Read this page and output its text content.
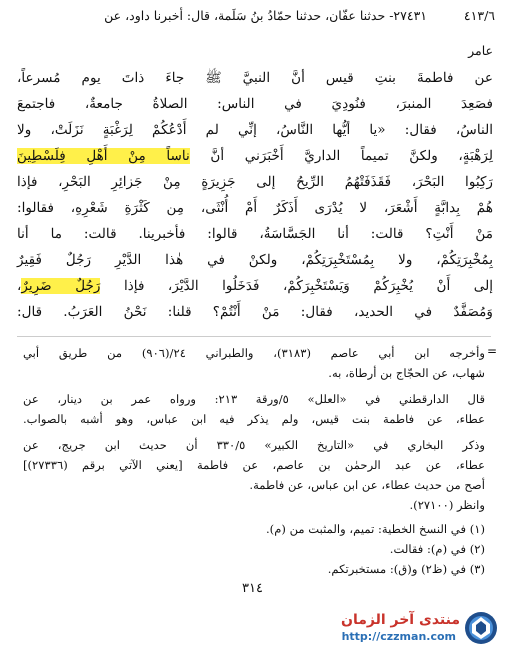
٤١٣/٦
٢٧٤٣١- حدثنا عفّان، حدثنا حمّادُ بنُ سَلَمة، قال: أخبرنا داود، عن
عامر
عن فاطمةَ بنتِ قيس أنَّ النبيَّ ﷺ جاءَ ذاتَ يوم مُسرعاً،
فصَعِدَ المنبرَ، فنُودِيَ في الناس: الصلاةُ جامعةٌ، فاجتمعَ
الناسُ، فقال: «يا أيُّها النَّاسُ، إنِّي لم أَدْعُكُمْ لِرَغْبَةٍ نَزَلَتْ، ولا
لِرَهْبَةٍ، ولكنَّ تميماً الداريَّ أَخْبَرَني أنَّ ناساً مِنْ أَهْلِ فِلَسْطِينَ
رَكِبُوا البَحْرَ، فَقَذَفَتْهُمُ الرِّيحُ إلى جَزِيرَةٍ مِنْ جَزائِرِ البَحْرِ، فإذا
هُمْ بِدابَّةٍ أَشْعَرَ، لا يُدْرَى أَذَكَرٌ أَمْ أُنْثَى، مِن كَثْرَةِ شَعْرِهِ، فقالوا:
مَنْ أَنْتِ؟ قالت: أنا الجَسَّاسَةُ، قالوا: فأخبرينا. قالت: ما أنا
بِمُخْبِرَتِكُمْ، ولا بِمُسْتَخْبِرَتِكُمْ، ولكنْ في هٰذا الدَّيْرِ رَجُلٌ فَقِيرٌ
إلى أَنْ يُخْبِرَكُمْ وَيَسْتَخْبِرَكُمْ، فَدَخَلُوا الدَّيْرَ، فإذا رَجُلٌ ضَرِيرٌ،
وَمُصَفَّدٌ في الحديد، فقال: مَنْ أَنْتُمْ؟ قلنا: نَحْنُ العَرَبُ. قال:
=
وأخرجه ابن أبي عاصم (٣١٨٣)، والطبراني ٢٤/(٩٠٦) من طريق أبي
شهاب، عن الحجّاج بن أرطاة، به.
قال الدارقطني في «العلل» ٥/ورقة ٢١٣: ورواه عمر بن دينار، عن
عطاء، عن فاطمة بنت قيس، ولم يذكر فيه ابن عباس، وهو أشبه بالصواب.
وذكر البخاري في «التاريخ الكبير» ٣٣٠/٥ أن حديث ابن جريج، عن
عطاء، عن عبد الرحمٰن بن عاصم، عن فاطمة [يعني الآتي برقم (٢٧٣٣٦)]
أصح من حديث عطاء، عن ابن عباس، عن فاطمة.
وانظر (٢٧١٠٠).
(١) في النسخ الخطية: تميم، والمثبت من (م).
(٢) في (م): فقالت.
(٣) في (ظ٢) و(ق): مستخبرتكم.
٣١٤
منتدى آخر الزمان
http://czzman.com
